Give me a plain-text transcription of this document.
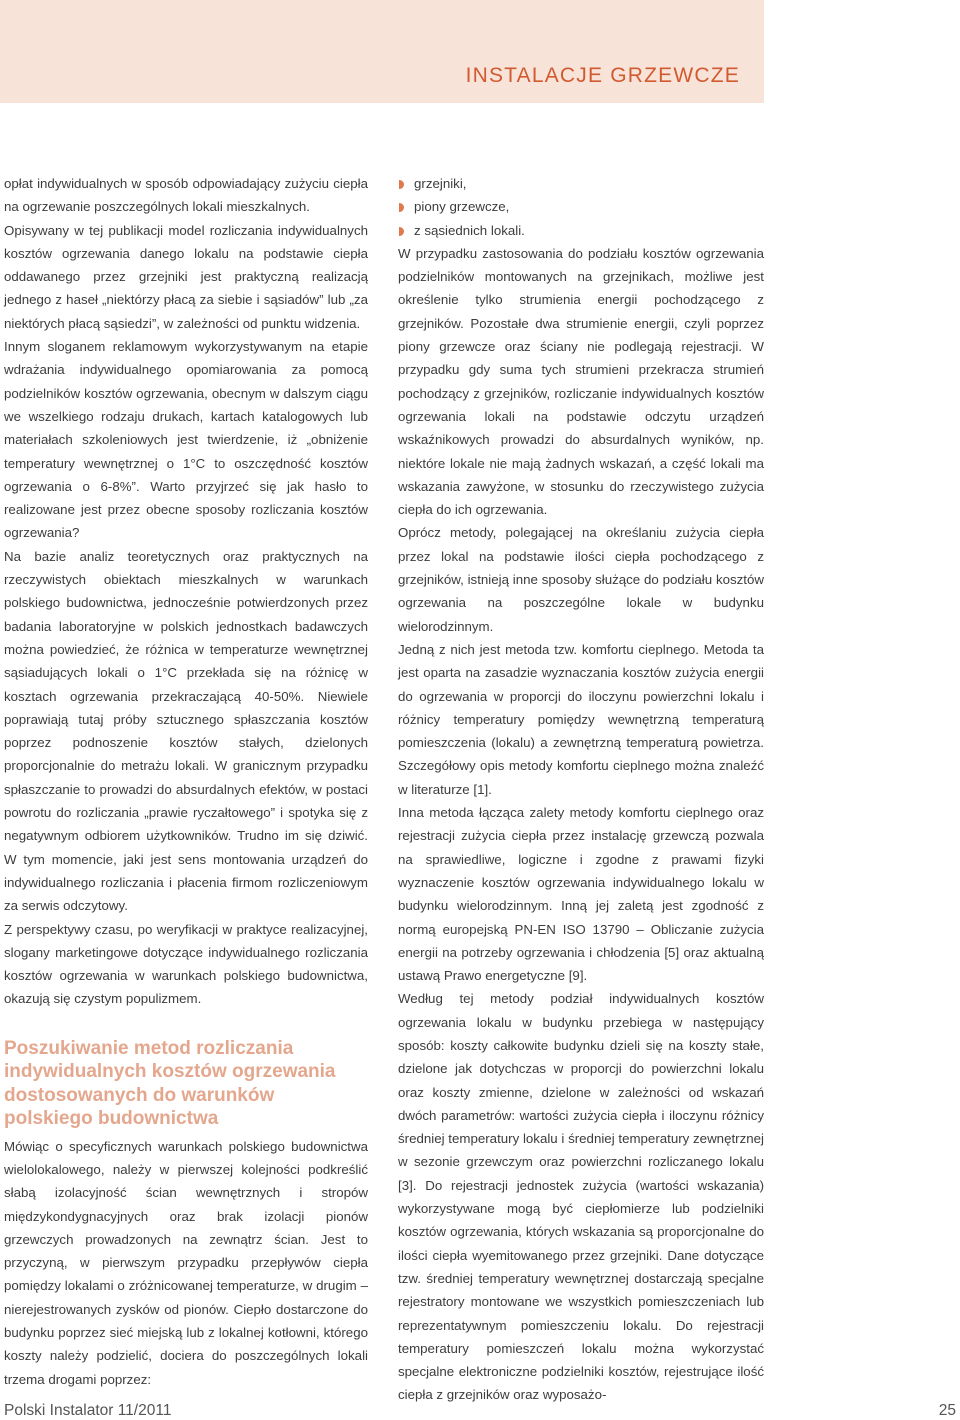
INSTALACJE GRZEWCZE

opłat indywidualnych w sposób odpowiadający zużyciu ciepła na ogrzewanie poszczególnych lokali mieszkalnych.

Opisywany w tej publikacji model rozliczania indywidualnych kosztów ogrzewania danego lokalu na podstawie ciepła oddawanego przez grzejniki jest praktyczną realizacją jednego z haseł „niektórzy płacą za siebie i sąsiadów” lub „za niektórych płacą sąsiedzi”, w zależności od punktu widzenia.

Innym sloganem reklamowym wykorzystywanym na etapie wdrażania indywidualnego opomiarowania za pomocą podzielników kosztów ogrzewania, obecnym w dalszym ciągu we wszelkiego rodzaju drukach, kartach katalogowych lub materiałach szkoleniowych jest twierdzenie, iż „obniżenie temperatury wewnętrznej o 1°C to oszczędność kosztów ogrzewania o 6-8%”. Warto przyjrzeć się jak hasło to realizowane jest przez obecne sposoby rozliczania kosztów ogrzewania?

Na bazie analiz teoretycznych oraz praktycznych na rzeczywistych obiektach mieszkalnych w warunkach polskiego budownictwa, jednocześnie potwierdzonych przez badania laboratoryjne w polskich jednostkach badawczych można powiedzieć, że różnica w temperaturze wewnętrznej sąsiadujących lokali o 1°C przekłada się na różnicę w kosztach ogrzewania przekraczającą 40-50%. Niewiele poprawiają tutaj próby sztucznego spłaszczania kosztów poprzez podnoszenie kosztów stałych, dzielonych proporcjonalnie do metrażu lokali. W granicznym przypadku spłaszczanie to prowadzi do absurdalnych efektów, w postaci powrotu do rozliczania „prawie ryczałtowego” i spotyka się z negatywnym odbiorem użytkowników. Trudno im się dziwić. W tym momencie, jaki jest sens montowania urządzeń do indywidualnego rozliczania i płacenia firmom rozliczeniowym za serwis odczytowy.

Z perspektywy czasu, po weryfikacji w praktyce realizacyjnej, slogany marketingowe dotyczące indywidualnego rozliczania kosztów ogrzewania w warunkach polskiego budownictwa, okazują się czystym populizmem.

Poszukiwanie metod rozliczania indywidualnych kosztów ogrzewania dostosowanych do warunków polskiego budownictwa

Mówiąc o specyficznych warunkach polskiego budownictwa wielolokalowego, należy w pierwszej kolejności podkreślić słabą izolacyjność ścian wewnętrznych i stropów międzykondygnacyjnych oraz brak izolacji pionów grzewczych prowadzonych na zewnątrz ścian. Jest to przyczyną, w pierwszym przypadku przepływów ciepła pomiędzy lokalami o zróżnicowanej temperaturze, w drugim – nierejestrowanych zysków od pionów. Ciepło dostarczone do budynku poprzez sieć miejską lub z lokalnej kotłowni, którego koszty należy podzielić, dociera do poszczególnych lokali trzema drogami poprzez:

grzejniki,
piony grzewcze,
z sąsiednich lokali.

W przypadku zastosowania do podziału kosztów ogrzewania podzielników montowanych na grzejnikach, możliwe jest określenie tylko strumienia energii pochodzącego z grzejników. Pozostałe dwa strumienie energii, czyli poprzez piony grzewcze oraz ściany nie podlegają rejestracji. W przypadku gdy suma tych strumieni przekracza strumień pochodzący z grzejników, rozliczanie indywidualnych kosztów ogrzewania lokali na podstawie odczytu urządzeń wskaźnikowych prowadzi do absurdalnych wyników, np. niektóre lokale nie mają żadnych wskazań, a część lokali ma wskazania zawyżone, w stosunku do rzeczywistego zużycia ciepła do ich ogrzewania.

Oprócz metody, polegającej na określaniu zużycia ciepła przez lokal na podstawie ilości ciepła pochodzącego z grzejników, istnieją inne sposoby służące do podziału kosztów ogrzewania na poszczególne lokale w budynku wielorodzinnym.

Jedną z nich jest metoda tzw. komfortu cieplnego. Metoda ta jest oparta na zasadzie wyznaczania kosztów zużycia energii do ogrzewania w proporcji do iloczynu powierzchni lokalu i różnicy temperatury pomiędzy wewnętrzną temperaturą pomieszczenia (lokalu) a zewnętrzną temperaturą powietrza. Szczegółowy opis metody komfortu cieplnego można znaleźć w literaturze [1].

Inna metoda łącząca zalety metody komfortu cieplnego oraz rejestracji zużycia ciepła przez instalację grzewczą pozwala na sprawiedliwe, logiczne i zgodne z prawami fizyki wyznaczenie kosztów ogrzewania indywidualnego lokalu w budynku wielorodzinnym. Inną jej zaletą jest zgodność z normą europejską PN-EN ISO 13790 – Obliczanie zużycia energii na potrzeby ogrzewania i chłodzenia [5] oraz aktualną ustawą Prawo energetyczne [9].

Według tej metody podział indywidualnych kosztów ogrzewania lokalu w budynku przebiega w następujący sposób: koszty całkowite budynku dzieli się na koszty stałe, dzielone jak dotychczas w proporcji do powierzchni lokalu oraz koszty zmienne, dzielone w zależności od wskazań dwóch parametrów: wartości zużycia ciepła i iloczynu różnicy średniej temperatury lokalu i średniej temperatury zewnętrznej w sezonie grzewczym oraz powierzchni rozliczanego lokalu [3]. Do rejestracji jednostek zużycia (wartości wskazania) wykorzystywane mogą być ciepłomierze lub podzielniki kosztów ogrzewania, których wskazania są proporcjonalne do ilości ciepła wyemitowanego przez grzejniki. Dane dotyczące tzw. średniej temperatury wewnętrznej dostarczają specjalne rejestratory montowane we wszystkich pomieszczeniach lub reprezentatywnym pomieszczeniu lokalu. Do rejestracji temperatury pomieszczeń lokalu można wykorzystać specjalne elektroniczne podzielniki kosztów, rejestrujące ilość ciepła z grzejników oraz wyposażo-

Polski Instalator 11/2011	25
